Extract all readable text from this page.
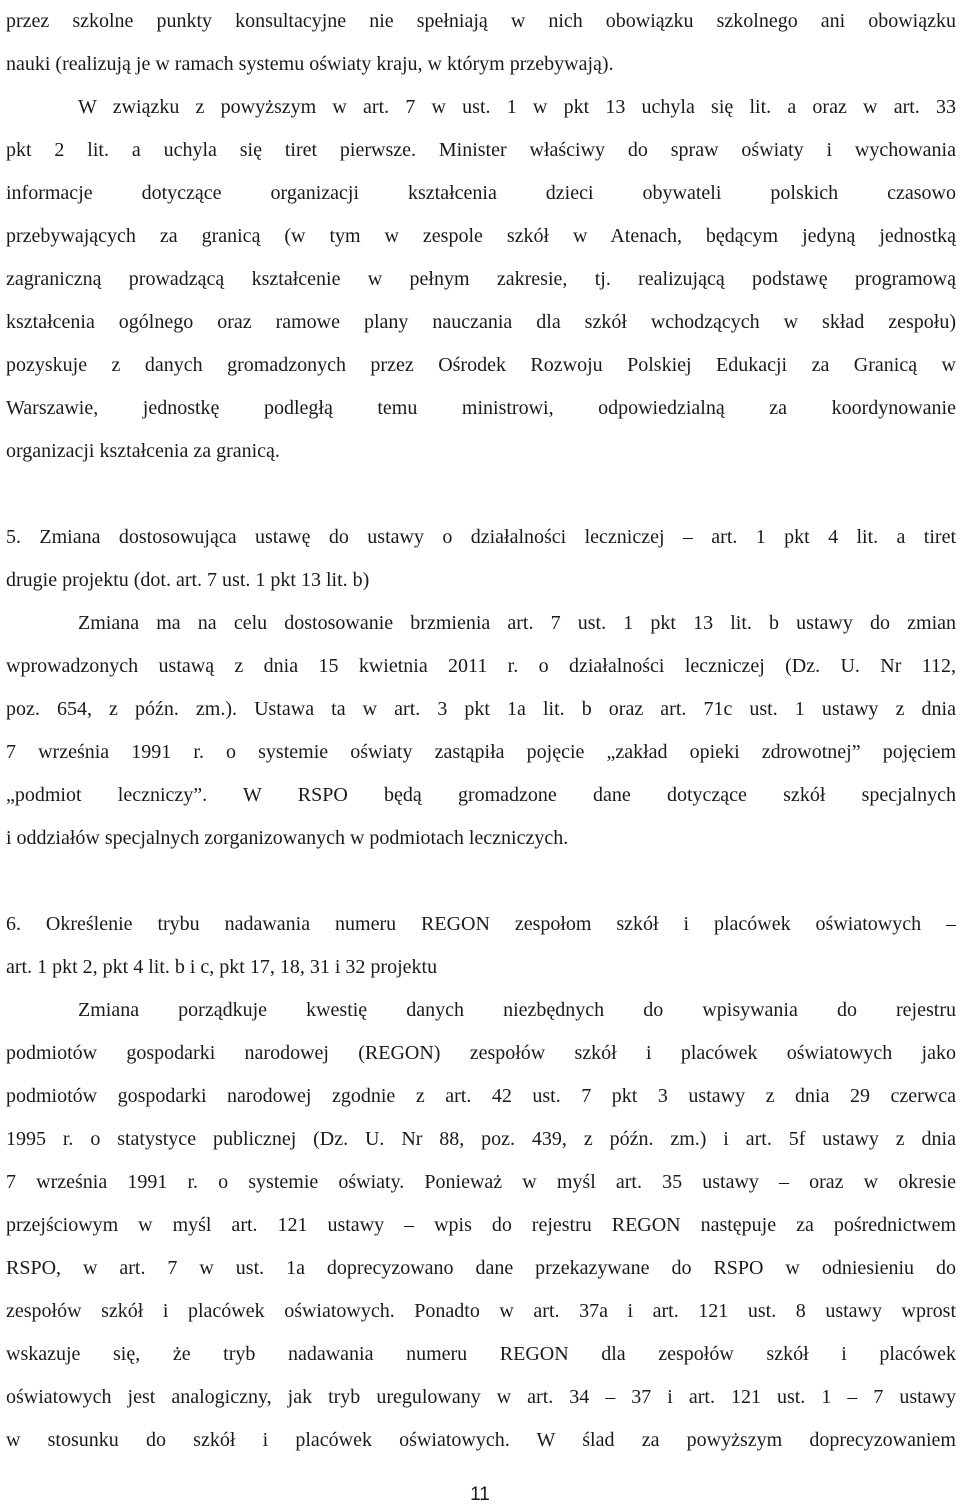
przez szkolne punkty konsultacyjne nie spełniają w nich obowiązku szkolnego ani obowiązku
nauki (realizują je w ramach systemu oświaty kraju, w którym przebywają).
W związku z powyższym w art. 7 w ust. 1 w pkt 13 uchyla się lit. a oraz w art. 33
pkt 2 lit. a uchyla się tiret pierwsze. Minister właściwy do spraw oświaty i wychowania
informacje dotyczące organizacji kształcenia dzieci obywateli polskich czasowo
przebywających za granicą (w tym w zespole szkół w Atenach, będącym jedyną jednostką
zagraniczną prowadzącą kształcenie w pełnym zakresie, tj. realizującą podstawę programową
kształcenia ogólnego oraz ramowe plany nauczania dla szkół wchodzących w skład zespołu)
pozyskuje z danych gromadzonych przez Ośrodek Rozwoju Polskiej Edukacji za Granicą w
Warszawie, jednostkę podległą temu ministrowi, odpowiedzialną za koordynowanie
organizacji kształcenia za granicą.
5. Zmiana dostosowująca ustawę do ustawy o działalności leczniczej – art. 1 pkt 4 lit. a tiret
drugie projektu (dot. art. 7 ust. 1 pkt 13 lit. b)
Zmiana ma na celu dostosowanie brzmienia art. 7 ust. 1 pkt 13 lit. b ustawy do zmian
wprowadzonych ustawą z dnia 15 kwietnia 2011 r. o działalności leczniczej (Dz. U. Nr 112,
poz. 654, z późn. zm.). Ustawa ta w art. 3 pkt 1a lit. b oraz art. 71c ust. 1 ustawy z dnia
7 września 1991 r. o systemie oświaty zastąpiła pojęcie „zakład opieki zdrowotnej” pojęciem
„podmiot leczniczy”. W RSPO będą gromadzone dane dotyczące szkół specjalnych
i oddziałów specjalnych zorganizowanych w podmiotach leczniczych.
6. Określenie trybu nadawania numeru REGON zespołom szkół i placówek oświatowych –
art. 1 pkt 2, pkt 4 lit. b i c, pkt 17, 18, 31 i 32 projektu
Zmiana porządkuje kwestię danych niezbędnych do wpisywania do rejestru
podmiotów gospodarki narodowej (REGON) zespołów szkół i placówek oświatowych jako
podmiotów gospodarki narodowej zgodnie z art. 42 ust. 7 pkt 3 ustawy z dnia 29 czerwca
1995 r. o statystyce publicznej (Dz. U. Nr 88, poz. 439, z późn. zm.) i art. 5f ustawy z dnia
7 września 1991 r. o systemie oświaty. Ponieważ w myśl art. 35 ustawy – oraz w okresie
przejściowym w myśl art. 121 ustawy – wpis do rejestru REGON następuje za pośrednictwem
RSPO, w art. 7 w ust. 1a doprecyzowano dane przekazywane do RSPO w odniesieniu do
zespołów szkół i placówek oświatowych. Ponadto w art. 37a i art. 121 ust. 8 ustawy wprost
wskazuje się, że tryb nadawania numeru REGON dla zespołów szkół i placówek
oświatowych jest analogiczny, jak tryb uregulowany w art. 34 – 37 i art. 121 ust. 1 – 7 ustawy
w stosunku do szkół i placówek oświatowych. W ślad za powyższym doprecyzowaniem
11
